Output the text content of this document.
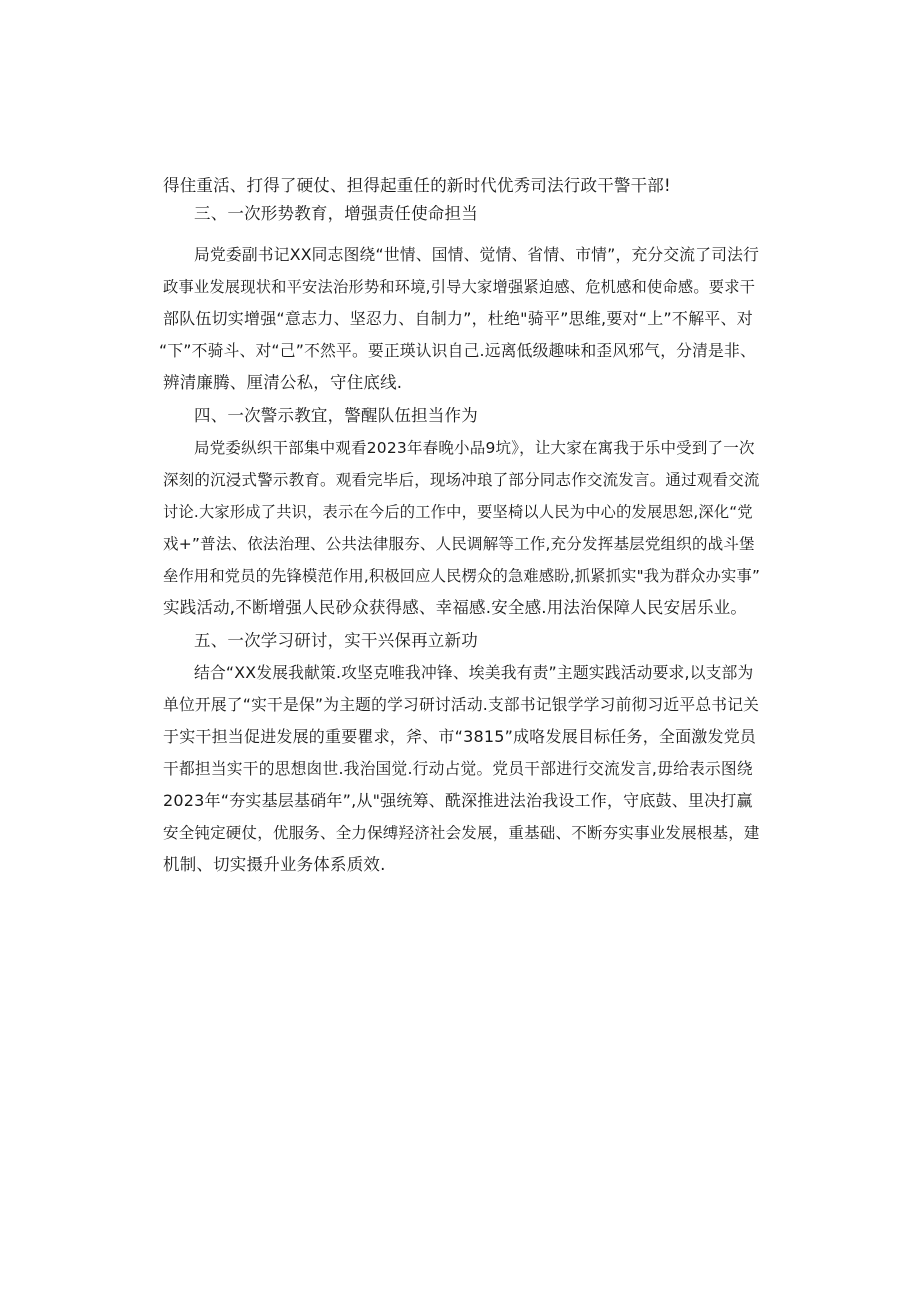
得住重活、打得了硬仗、担得起重任的新时代优秀司法行政干警干部!
三、一次形势教育，增强责任使命担当
局党委副书记XX同志图绕“世情、国情、觉情、省情、市情”，充分交流了司法行
政事业发展现状和平安法治形势和环境,引导大家增强紧迫感、危机感和使命感。要求干
部队伍切实增强“意志力、坚忍力、自制力”，杜绝"骑平”思维,要对“上”不解平、对
“下”不骑斗、对“己”不然平。要正瑛认识自己.远离低级趣味和歪风邪气，分清是非、
辨清廉腾、厘清公私，守住底线.
四、一次警示教宜，警醒队伍担当作为
局党委纵织干部集中观看2023年春晚小品9坑》，让大家在寓我于乐中受到了一次
深刻的沉浸式警示教育。观看完毕后，现场冲琅了部分同志作交流发言。通过观看交流
讨论.大家形成了共识，表示在今后的工作中，要坚椅以人民为中心的发展思恕,深化“党
戏+”普法、依法治理、公共法律服夯、人民调解等工作,充分发挥基层党组织的战斗堡
垒作用和党员的先锋模范作用,积极回应人民楞众的急难感盼,抓紧抓实"我为群众办实事”
实践活动,不断增强人民砂众获得感、幸福感.安全感.用法治保障人民安居乐业。
五、一次学习研讨，实干兴保再立新功
结合“XX发展我献策.攻坚克唯我冲锋、埃美我有责”主题实践活动要求,以支部为
单位开展了“实干是保”为主题的学习研讨活动.支部书记银学学习前彻习近平总书记关
于实干担当促进发展的重要瞿求，斧、市“3815”成咯发展目标任务，全面激发党员
干都担当实干的思想囱世.我治国觉.行动占觉。党员干部进行交流发言,毋给表示图绕
2023年“夯实基层基硝年”,从"强统筹、酰深推进法治我设工作，守底鼓、里决打赢
安全钝定硬仗，优服务、全力保缚羟济社会发展，重基础、不断夯实事业发展根基，建
机制、切实摄升业务体系质效.
